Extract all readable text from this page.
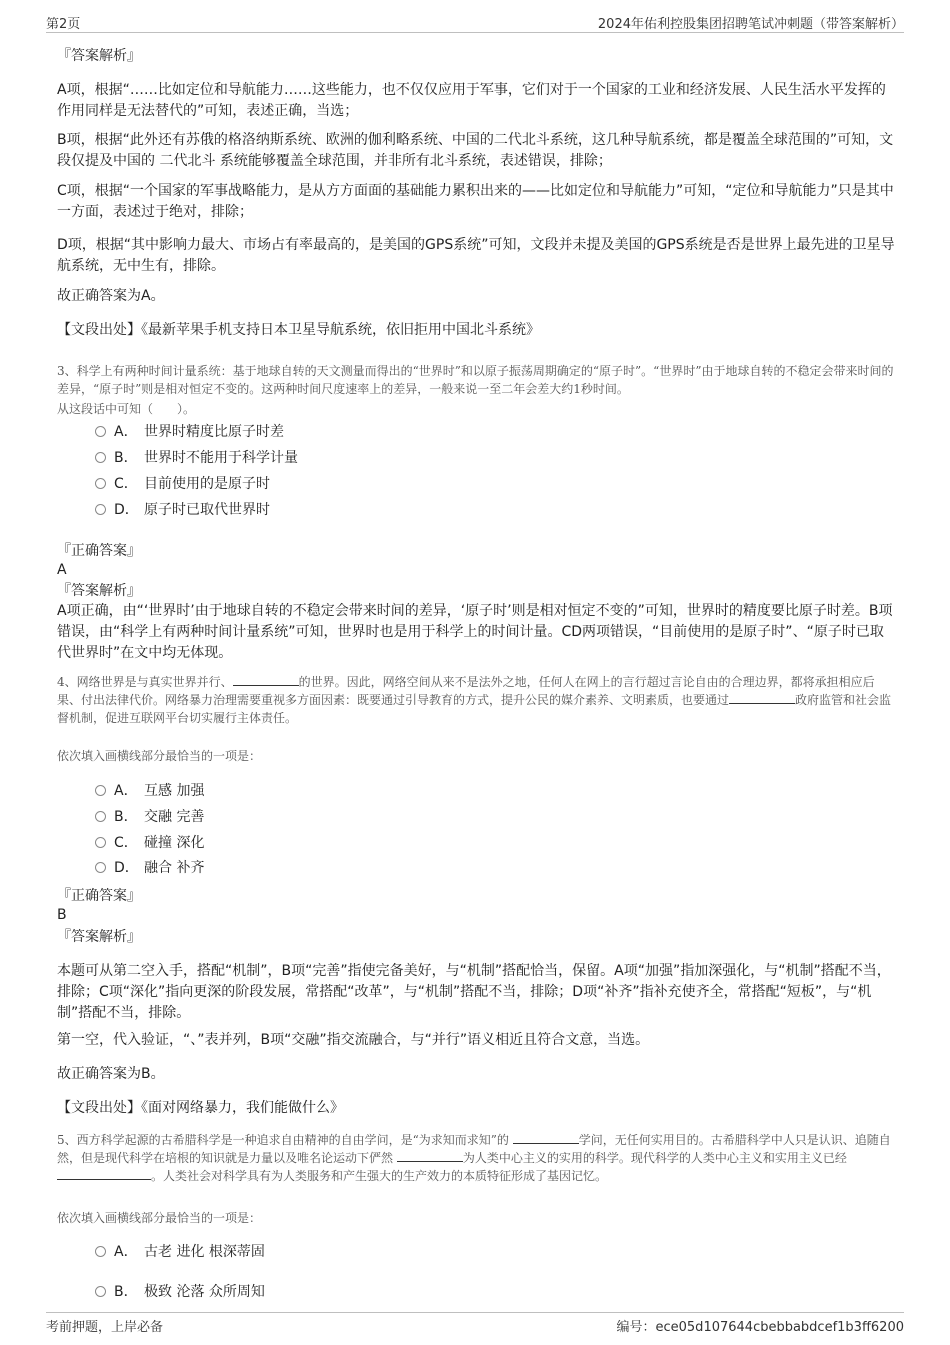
第2页	2024年佑利控股集团招聘笔试冲刺题（带答案解析）
『答案解析』

A项，根据“……比如定位和导航能力……这些能力，也不仅仅应用于军事，它们对于一个国家的工业和经济发展、人民生活水平发挥的作用同样是无法替代的”可知，表述正确，当选；

B项，根据“此外还有苏俄的格洛纳斯系统、欧洲的伽利略系统、中国的二代北斗系统，这几种导航系统，都是覆盖全球范围的”可知，文段仅提及中国的 二代北斗 系统能够覆盖全球范围，并非所有北斗系统，表述错误，排除；

C项，根据“一个国家的军事战略能力，是从方方面面的基础能力累积出来的——比如定位和导航能力”可知，“定位和导航能力”只是其中一方面，表述过于绝对，排除；

D项，根据“其中影响力最大、市场占有率最高的，是美国的GPS系统”可知，文段并未提及美国的GPS系统是否是世界上最先进的卫星导航系统，无中生有，排除。

故正确答案为A。

【文段出处】《最新苹果手机支持日本卫星导航系统，依旧拒用中国北斗系统》

3、科学上有两种时间计量系统：基于地球自转的天文测量而得出的“世界时”和以原子振荡周期确定的“原子时”。“世界时”由于地球自转的不稳定会带来时间的差异，“原子时”则是相对恒定不变的。这两种时间尺度速率上的差异，一般来说一至二年会差大约1秒时间。

从这段话中可知（　　）。

A． 世界时精度比原子时差
B． 世界时不能用于科学计量
C． 目前使用的是原子时
D． 原子时已取代世界时
『正确答案』
A
『答案解析』

A项正确，由“‘世界时’由于地球自转的不稳定会带来时间的差异，‘原子时’则是相对恒定不变的”可知，世界时的精度要比原子时差。B项错误，由“科学上有两种时间计量系统”可知，世界时也是用于科学上的时间计量。CD两项错误，“目前使用的是原子时”、“原子时已取代世界时”在文中均无体现。

4、网络世界是与真实世界并行、	的世界。因此，网络空间从来不是法外之地，任何人在网上的言行超过言论自由的合理边界，都将承担相应后果、付出法律代价。网络暴力治理需要重视多方面因素：既要通过引导教育的方式，提升公民的媒介素养、文明素质，也要通过	政府监管和社会监督机制，促进互联网平台切实履行主体责任。

依次填入画横线部分最恰当的一项是：

A． 互感 加强
B． 交融 完善
C． 碰撞 深化
D． 融合 补齐
『正确答案』
B
『答案解析』

本题可从第二空入手，搭配“机制”，B项“完善”指使完备美好，与“机制”搭配恰当，保留。A项“加强”指加深强化，与“机制”搭配不当，排除；C项“深化”指向更深的阶段发展，常搭配“改革”，与“机制”搭配不当，排除；D项“补齐”指补充使齐全，常搭配“短板”，与“机制”搭配不当，排除。

第一空，代入验证，“、”表并列，B项“交融”指交流融合，与“并行”语义相近且符合文意，当选。

故正确答案为B。

【文段出处】《面对网络暴力，我们能做什么》

5、西方科学起源的古希腊科学是一种追求自由精神的自由学问，是“为求知而求知”的	学问，无任何实用目的。古希腊科学中人只是认识、追随自然，但是现代科学在培根的知识就是力量以及唯名论运动下俨然	为人类中心主义的实用的科学。现代科学的人类中心主义和实用主义已经 。人类社会对科学具有为人类服务和产生强大的生产效力的本质特征形成了基因记忆。

依次填入画横线部分最恰当的一项是：

A． 古老 进化 根深蒂固
B． 极致 沦落 众所周知
考前押题，上岸必备	编号：ece05d107644cbebbabdcef1b3ff6200
